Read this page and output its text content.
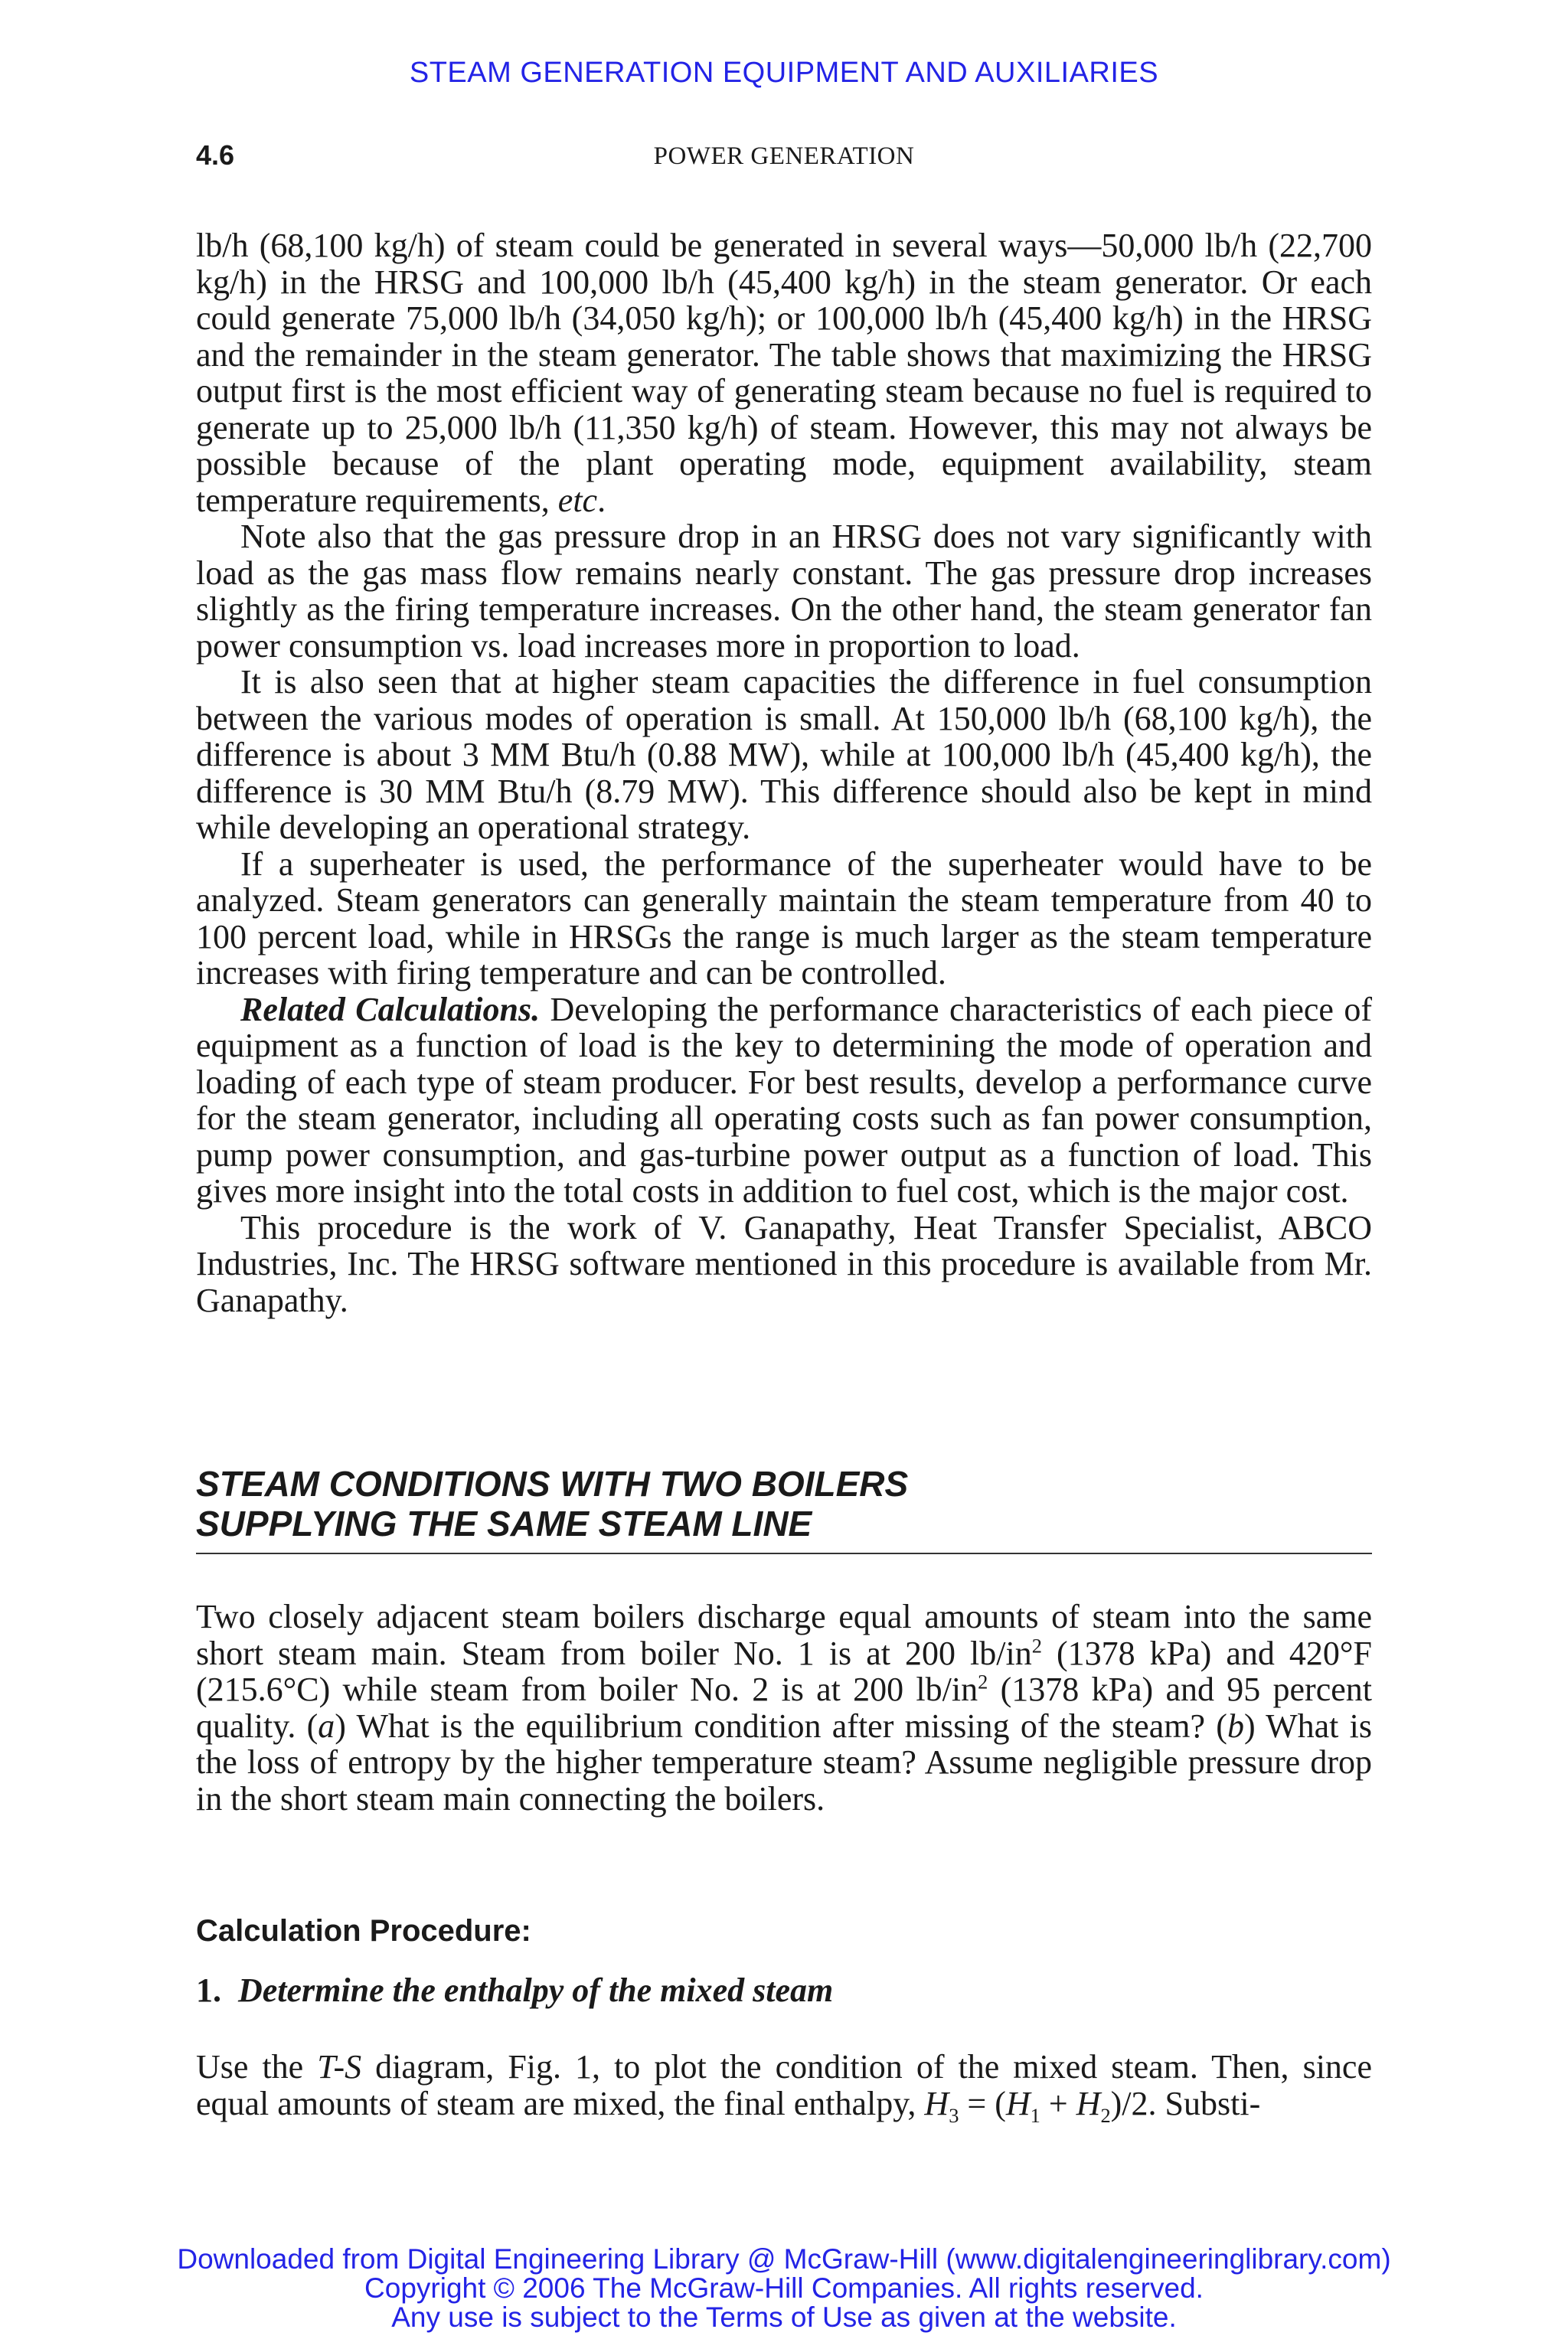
STEAM GENERATION EQUIPMENT AND AUXILIARIES
4.6	POWER GENERATION

lb/h (68,100 kg/h) of steam could be generated in several ways—50,000 lb/h (22,700 kg/h) in the HRSG and 100,000 lb/h (45,400 kg/h) in the steam generator. Or each could generate 75,000 lb/h (34,050 kg/h); or 100,000 lb/h (45,400 kg/h) in the HRSG and the remainder in the steam generator. The table shows that maximizing the HRSG output first is the most efficient way of generating steam because no fuel is required to generate up to 25,000 lb/h (11,350 kg/h) of steam. However, this may not always be possible because of the plant operating mode, equipment availability, steam temperature requirements, etc.

Note also that the gas pressure drop in an HRSG does not vary significantly with load as the gas mass flow remains nearly constant. The gas pressure drop increases slightly as the firing temperature increases. On the other hand, the steam generator fan power consumption vs. load increases more in proportion to load.

It is also seen that at higher steam capacities the difference in fuel consumption between the various modes of operation is small. At 150,000 lb/h (68,100 kg/h), the difference is about 3 MM Btu/h (0.88 MW), while at 100,000 lb/h (45,400 kg/h), the difference is 30 MM Btu/h (8.79 MW). This difference should also be kept in mind while developing an operational strategy.

If a superheater is used, the performance of the superheater would have to be analyzed. Steam generators can generally maintain the steam temperature from 40 to 100 percent load, while in HRSGs the range is much larger as the steam temperature increases with firing temperature and can be controlled.

Related Calculations. Developing the performance characteristics of each piece of equipment as a function of load is the key to determining the mode of operation and loading of each type of steam producer. For best results, develop a performance curve for the steam generator, including all operating costs such as fan power consumption, pump power consumption, and gas-turbine power output as a function of load. This gives more insight into the total costs in addition to fuel cost, which is the major cost.

This procedure is the work of V. Ganapathy, Heat Transfer Specialist, ABCO Industries, Inc. The HRSG software mentioned in this procedure is available from Mr. Ganapathy.

STEAM CONDITIONS WITH TWO BOILERS
SUPPLYING THE SAME STEAM LINE

Two closely adjacent steam boilers discharge equal amounts of steam into the same short steam main. Steam from boiler No. 1 is at 200 $lb/in^2$ (1378 kPa) and 420°F (215.6°C) while steam from boiler No. 2 is at 200 $lb/in^2$ (1378 kPa) and 95 percent quality. (a) What is the equilibrium condition after missing of the steam? (b) What is the loss of entropy by the higher temperature steam? Assume negligible pressure drop in the short steam main connecting the boilers.

Calculation Procedure:
1. Determine the enthalpy of the mixed steam

Use the T-S diagram, Fig. 1, to plot the condition of the mixed steam. Then, since equal amounts of steam are mixed, the final enthalpy, $H_3 = (H_1 + H_2)/2$. Substi-

Downloaded from Digital Engineering Library @ McGraw-Hill (www.digitalengineeringlibrary.com)
Copyright © 2006 The McGraw-Hill Companies. All rights reserved.
Any use is subject to the Terms of Use as given at the website.
